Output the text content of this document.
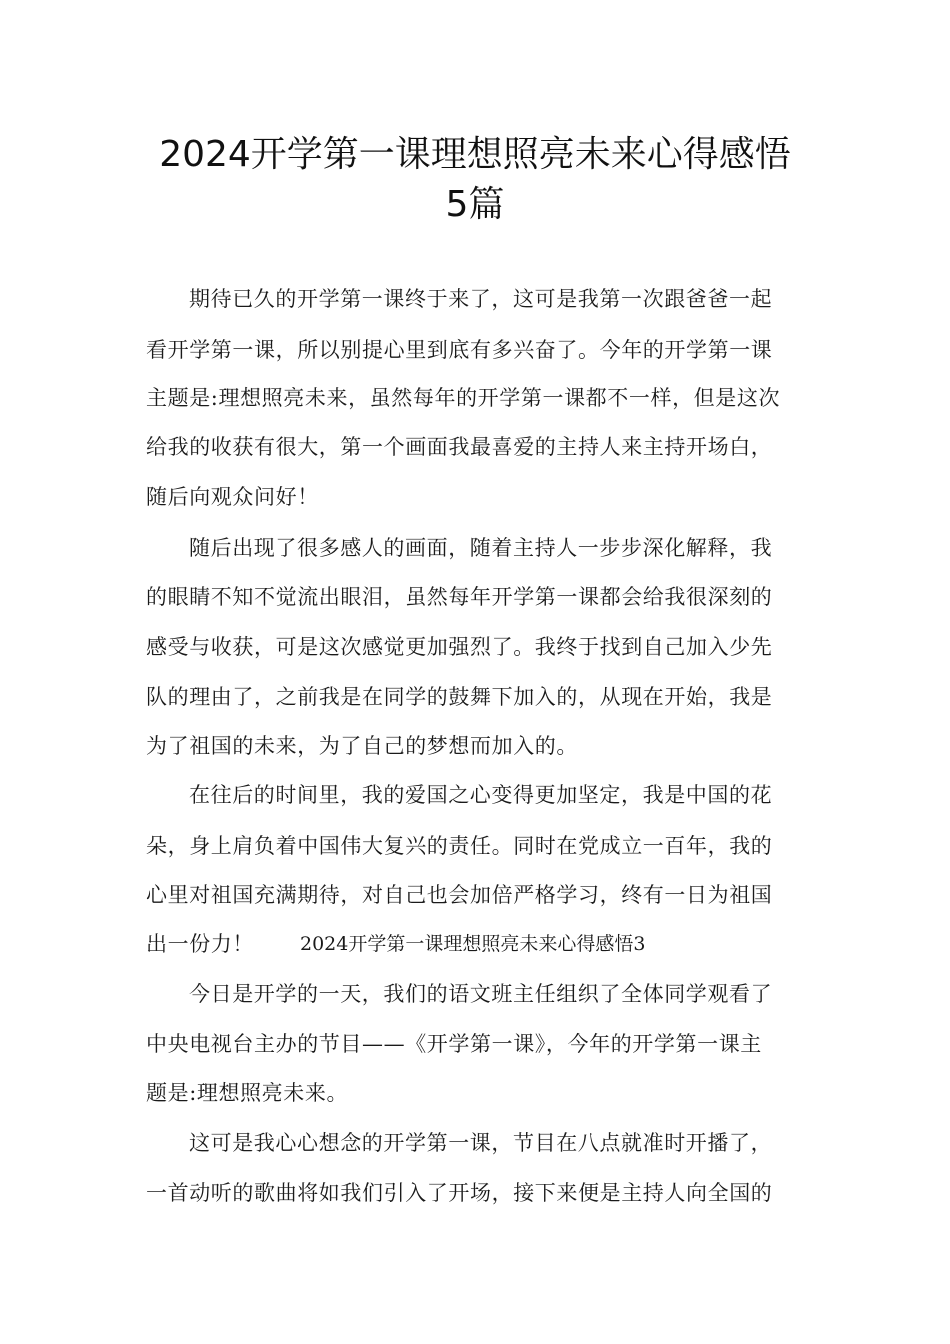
2024开学第一课理想照亮未来心得感悟
5篇
期待已久的开学第一课终于来了，这可是我第一次跟爸爸一起
看开学第一课，所以别提心里到底有多兴奋了。今年的开学第一课
主题是:理想照亮未来，虽然每年的开学第一课都不一样，但是这次
给我的收获有很大，第一个画面我最喜爱的主持人来主持开场白，
随后向观众问好！
随后出现了很多感人的画面，随着主持人一步步深化解释，我
的眼睛不知不觉流出眼泪，虽然每年开学第一课都会给我很深刻的
感受与收获，可是这次感觉更加强烈了。我终于找到自己加入少先
队的理由了，之前我是在同学的鼓舞下加入的，从现在开始，我是
为了祖国的未来，为了自己的梦想而加入的。
在往后的时间里，我的爱国之心变得更加坚定，我是中国的花
朵，身上肩负着中国伟大复兴的责任。同时在党成立一百年，我的
心里对祖国充满期待，对自己也会加倍严格学习，终有一日为祖国
出一份力！ 2024开学第一课理想照亮未来心得感悟3
今日是开学的一天，我们的语文班主任组织了全体同学观看了
中央电视台主办的节目——《开学第一课》，今年的开学第一课主
题是:理想照亮未来。
这可是我心心想念的开学第一课，节目在八点就准时开播了，
一首动听的歌曲将如我们引入了开场，接下来便是主持人向全国的
